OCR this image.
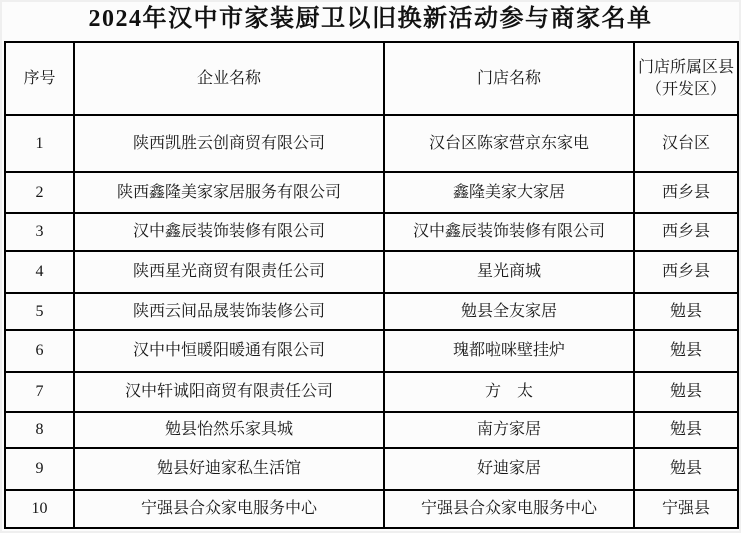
2024年汉中市家装厨卫以旧换新活动参与商家名单
序号	企业名称	门店名称	门店所属区县（开发区）
1	陕西凯胜云创商贸有限公司	汉台区陈家营京东家电	汉台区
2	陕西鑫隆美家家居服务有限公司	鑫隆美家大家居	西乡县
3	汉中鑫辰装饰装修有限公司	汉中鑫辰装饰装修有限公司	西乡县
4	陕西星光商贸有限责任公司	星光商城	西乡县
5	陕西云间品晟装饰装修公司	勉县全友家居	勉县
6	汉中中恒暖阳暖通有限公司	瑰都啦咪壁挂炉	勉县
7	汉中轩诚阳商贸有限责任公司	方　太	勉县
8	勉县怡然乐家具城	南方家居	勉县
9	勉县好迪家私生活馆	好迪家居	勉县
10	宁强县合众家电服务中心	宁强县合众家电服务中心	宁强县
